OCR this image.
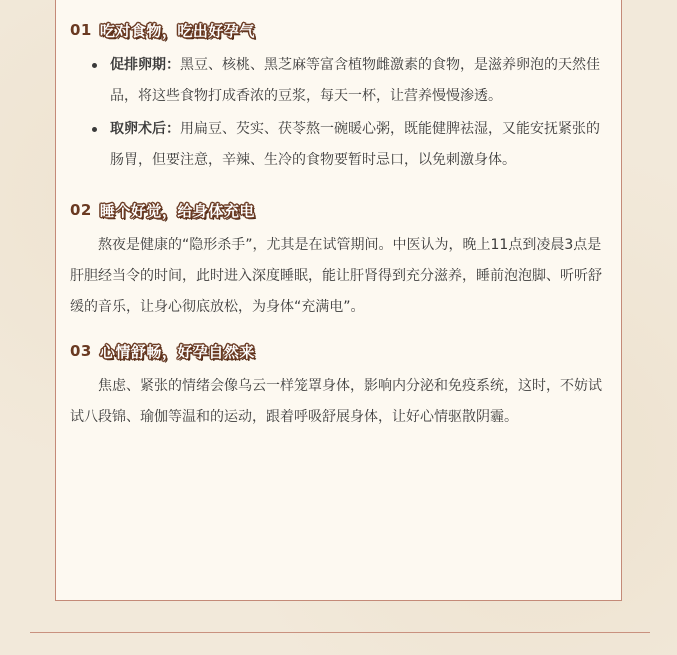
01 吃对食物，吃出好孕气
促排卵期：黑豆、核桃、黑芝麻等富含植物雌激素的食物，是滋养卵泡的天然佳品，将这些食物打成香浓的豆浆，每天一杯，让营养慢慢渗透。
取卵术后：用扁豆、芡实、茯苓熬一碗暖心粥，既能健脾祛湿，又能安抚紧张的肠胃，但要注意，辛辣、生冷的食物要暂时忌口，以免刺激身体。
02 睡个好觉，给身体充电

熬夜是健康的“隐形杀手”，尤其是在试管期间。中医认为，晚上11点到凌晨3点是肝胆经当令的时间，此时进入深度睡眠，能让肝肾得到充分滋养，睡前泡泡脚、听听舒缓的音乐，让身心彻底放松，为身体“充满电”。

03 心情舒畅，好孕自然来

焦虑、紧张的情绪会像乌云一样笼罩身体，影响内分泌和免疫系统，这时，不妨试试八段锦、瑜伽等温和的运动，跟着呼吸舒展身体，让好心情驱散阴霾。
